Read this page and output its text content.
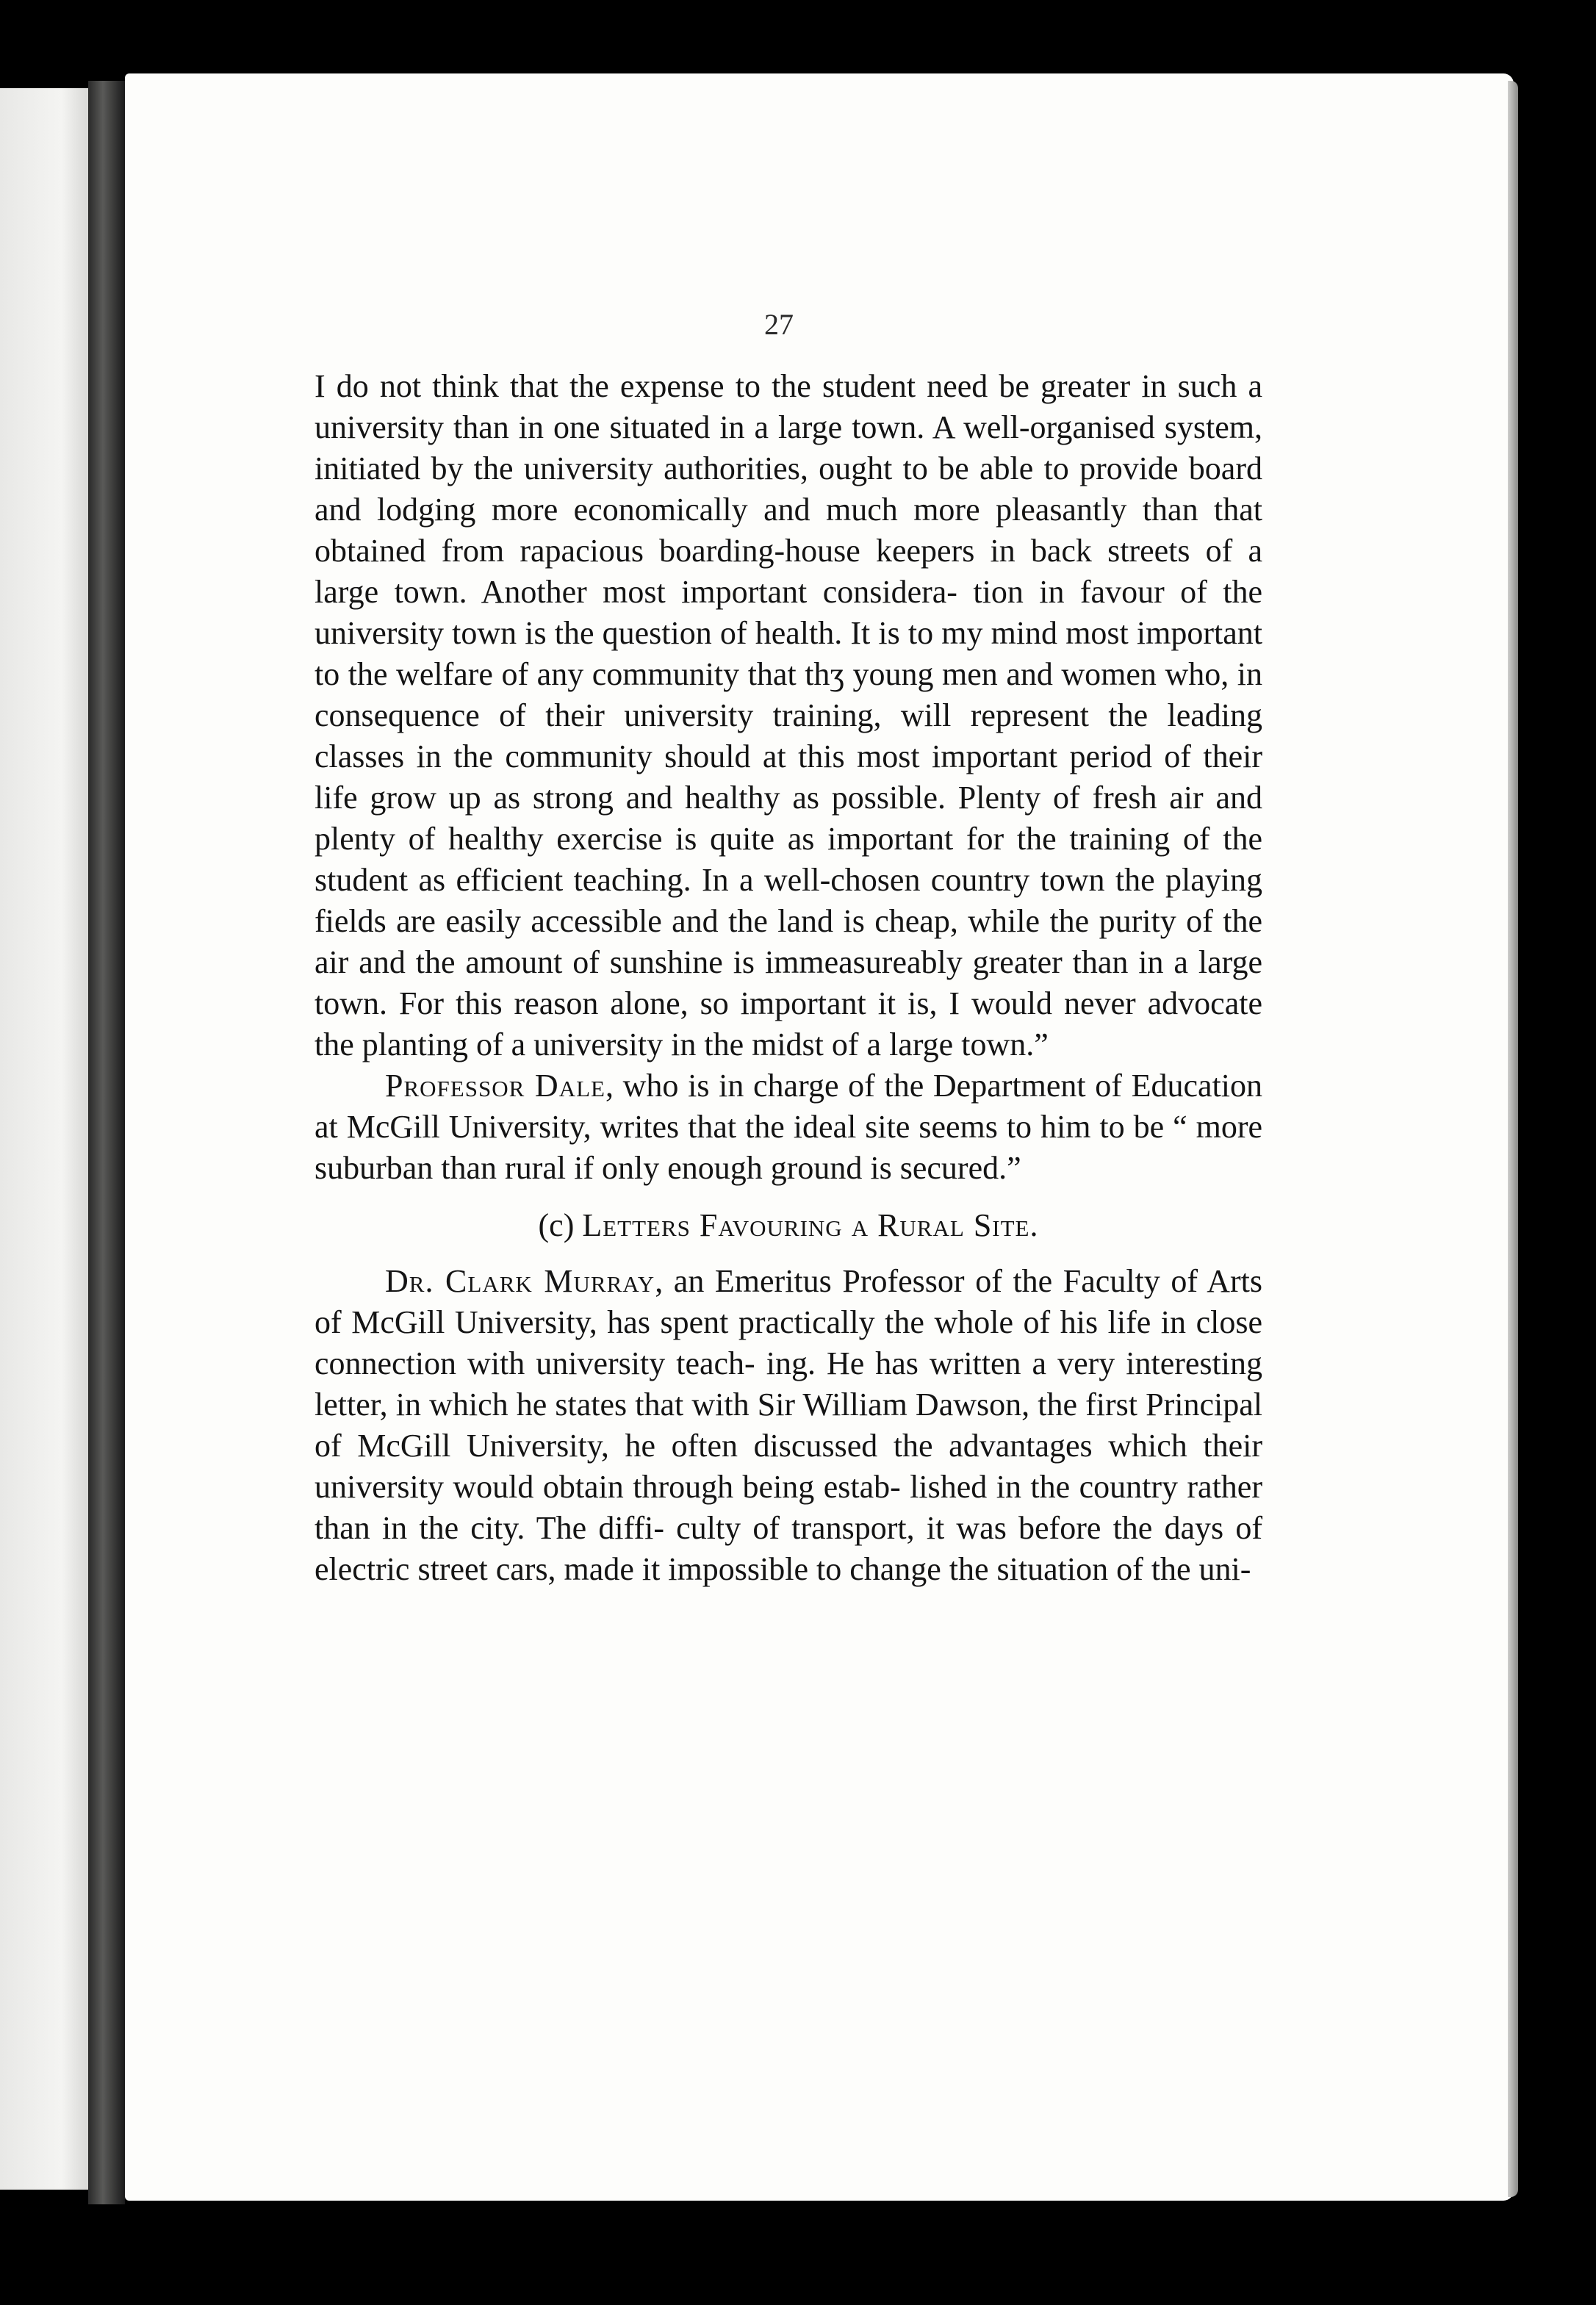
27

I do not think that the expense to the student need be greater in such a university than in one situated in a large town. A well-organised system, initiated by the university authorities, ought to be able to provide board and lodging more economically and much more pleasantly than that obtained from rapacious boarding-house keepers in back streets of a large town. Another most important considera- tion in favour of the university town is the question of health. It is to my mind most important to the welfare of any community that thʒ young men and women who, in consequence of their university training, will represent the leading classes in the community should at this most important period of their life grow up as strong and healthy as possible. Plenty of fresh air and plenty of healthy exercise is quite as important for the training of the student as efficient teaching. In a well-chosen country town the playing fields are easily accessible and the land is cheap, while the purity of the air and the amount of sunshine is immeasureably greater than in a large town. For this reason alone, so important it is, I would never advocate the planting of a university in the midst of a large town.”

Professor Dale, who is in charge of the Department of Education at McGill University, writes that the ideal site seems to him to be “ more suburban than rural if only enough ground is secured.”

(c) Letters Favouring a Rural Site.

Dr. Clark Murray, an Emeritus Professor of the Faculty of Arts of McGill University, has spent practically the whole of his life in close connection with university teach- ing. He has written a very interesting letter, in which he states that with Sir William Dawson, the first Principal of McGill University, he often discussed the advantages which their university would obtain through being estab- lished in the country rather than in the city. The diffi- culty of transport, it was before the days of electric street cars, made it impossible to change the situation of the uni-
